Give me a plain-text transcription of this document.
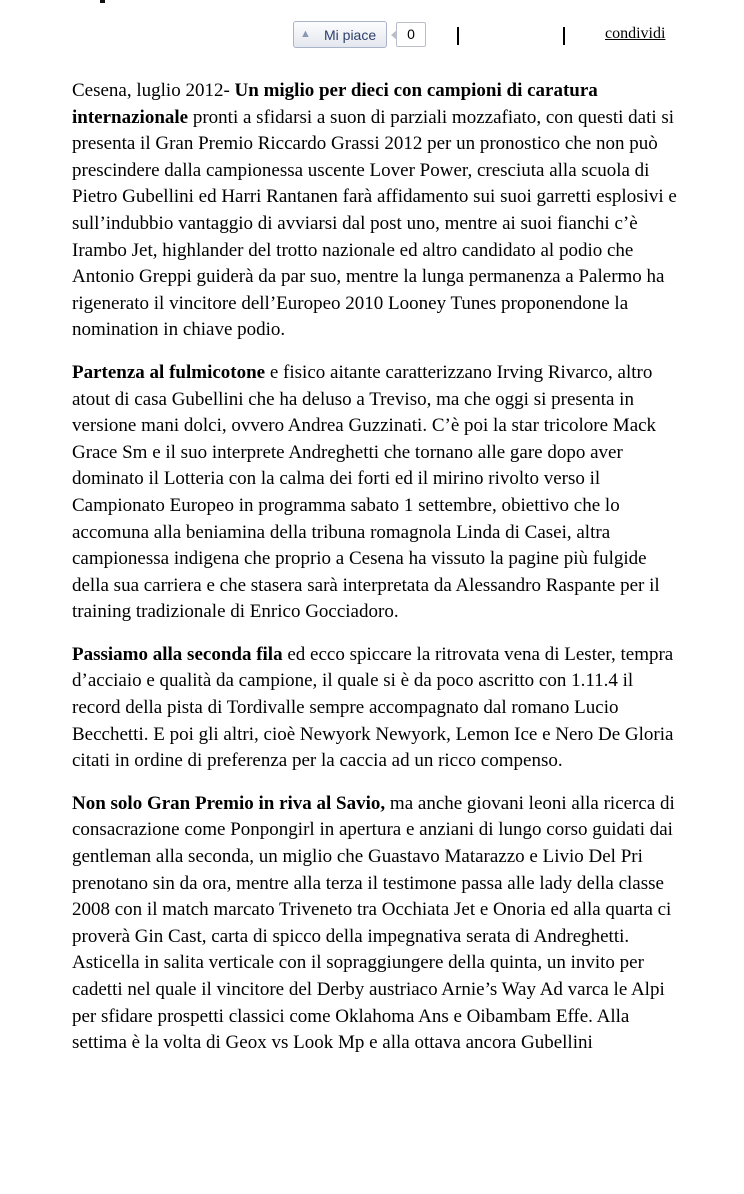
▲ Mi piace	0	condividi

Cesena, luglio 2012- Un miglio per dieci con campioni di caratura internazionale pronti a sfidarsi a suon di parziali mozzafiato, con questi dati si presenta il Gran Premio Riccardo Grassi 2012 per un pronostico che non può prescindere dalla campionessa uscente Lover Power, cresciuta alla scuola di Pietro Gubellini ed Harri Rantanen farà affidamento sui suoi garretti esplosivi e sull’indubbio vantaggio di avviarsi dal post uno, mentre ai suoi fianchi c’è Irambo Jet, highlander del trotto nazionale ed altro candidato al podio che Antonio Greppi guiderà da par suo, mentre la lunga permanenza a Palermo ha rigenerato il vincitore dell’Europeo 2010 Looney Tunes proponendone la nomination in chiave podio.

Partenza al fulmicotone e fisico aitante caratterizzano Irving Rivarco, altro atout di casa Gubellini che ha deluso a Treviso, ma che oggi si presenta in versione mani dolci, ovvero Andrea Guzzinati. C’è poi la star tricolore Mack Grace Sm e il suo interprete Andreghetti che tornano alle gare dopo aver dominato il Lotteria con la calma dei forti ed il mirino rivolto verso il Campionato Europeo in programma sabato 1 settembre, obiettivo che lo accomuna alla beniamina della tribuna romagnola Linda di Casei, altra campionessa indigena che proprio a Cesena ha vissuto la pagine più fulgide della sua carriera e che stasera sarà interpretata da Alessandro Raspante per il training tradizionale di Enrico Gocciadoro.

Passiamo alla seconda fila ed ecco spiccare la ritrovata vena di Lester, tempra d’acciaio e qualità da campione, il quale si è da poco ascritto con 1.11.4 il record della pista di Tordivalle sempre accompagnato dal romano Lucio Becchetti. E poi gli altri, cioè Newyork Newyork, Lemon Ice e Nero De Gloria citati in ordine di preferenza per la caccia ad un ricco compenso.

Non solo Gran Premio in riva al Savio, ma anche giovani leoni alla ricerca di consacrazione come Ponpongirl in apertura e anziani di lungo corso guidati dai gentleman alla seconda, un miglio che Guastavo Matarazzo e Livio Del Pri prenotano sin da ora, mentre alla terza il testimone passa alle lady della classe 2008 con il match marcato Triveneto tra Occhiata Jet e Onoria ed alla quarta ci proverà Gin Cast, carta di spicco della impegnativa serata di Andreghetti. Asticella in salita verticale con il sopraggiungere della quinta, un invito per cadetti nel quale il vincitore del Derby austriaco Arnie’s Way Ad varca le Alpi per sfidare prospetti classici come Oklahoma Ans e Oibambam Effe. Alla settima è la volta di Geox vs Look Mp e alla ottava ancora Gubellini
